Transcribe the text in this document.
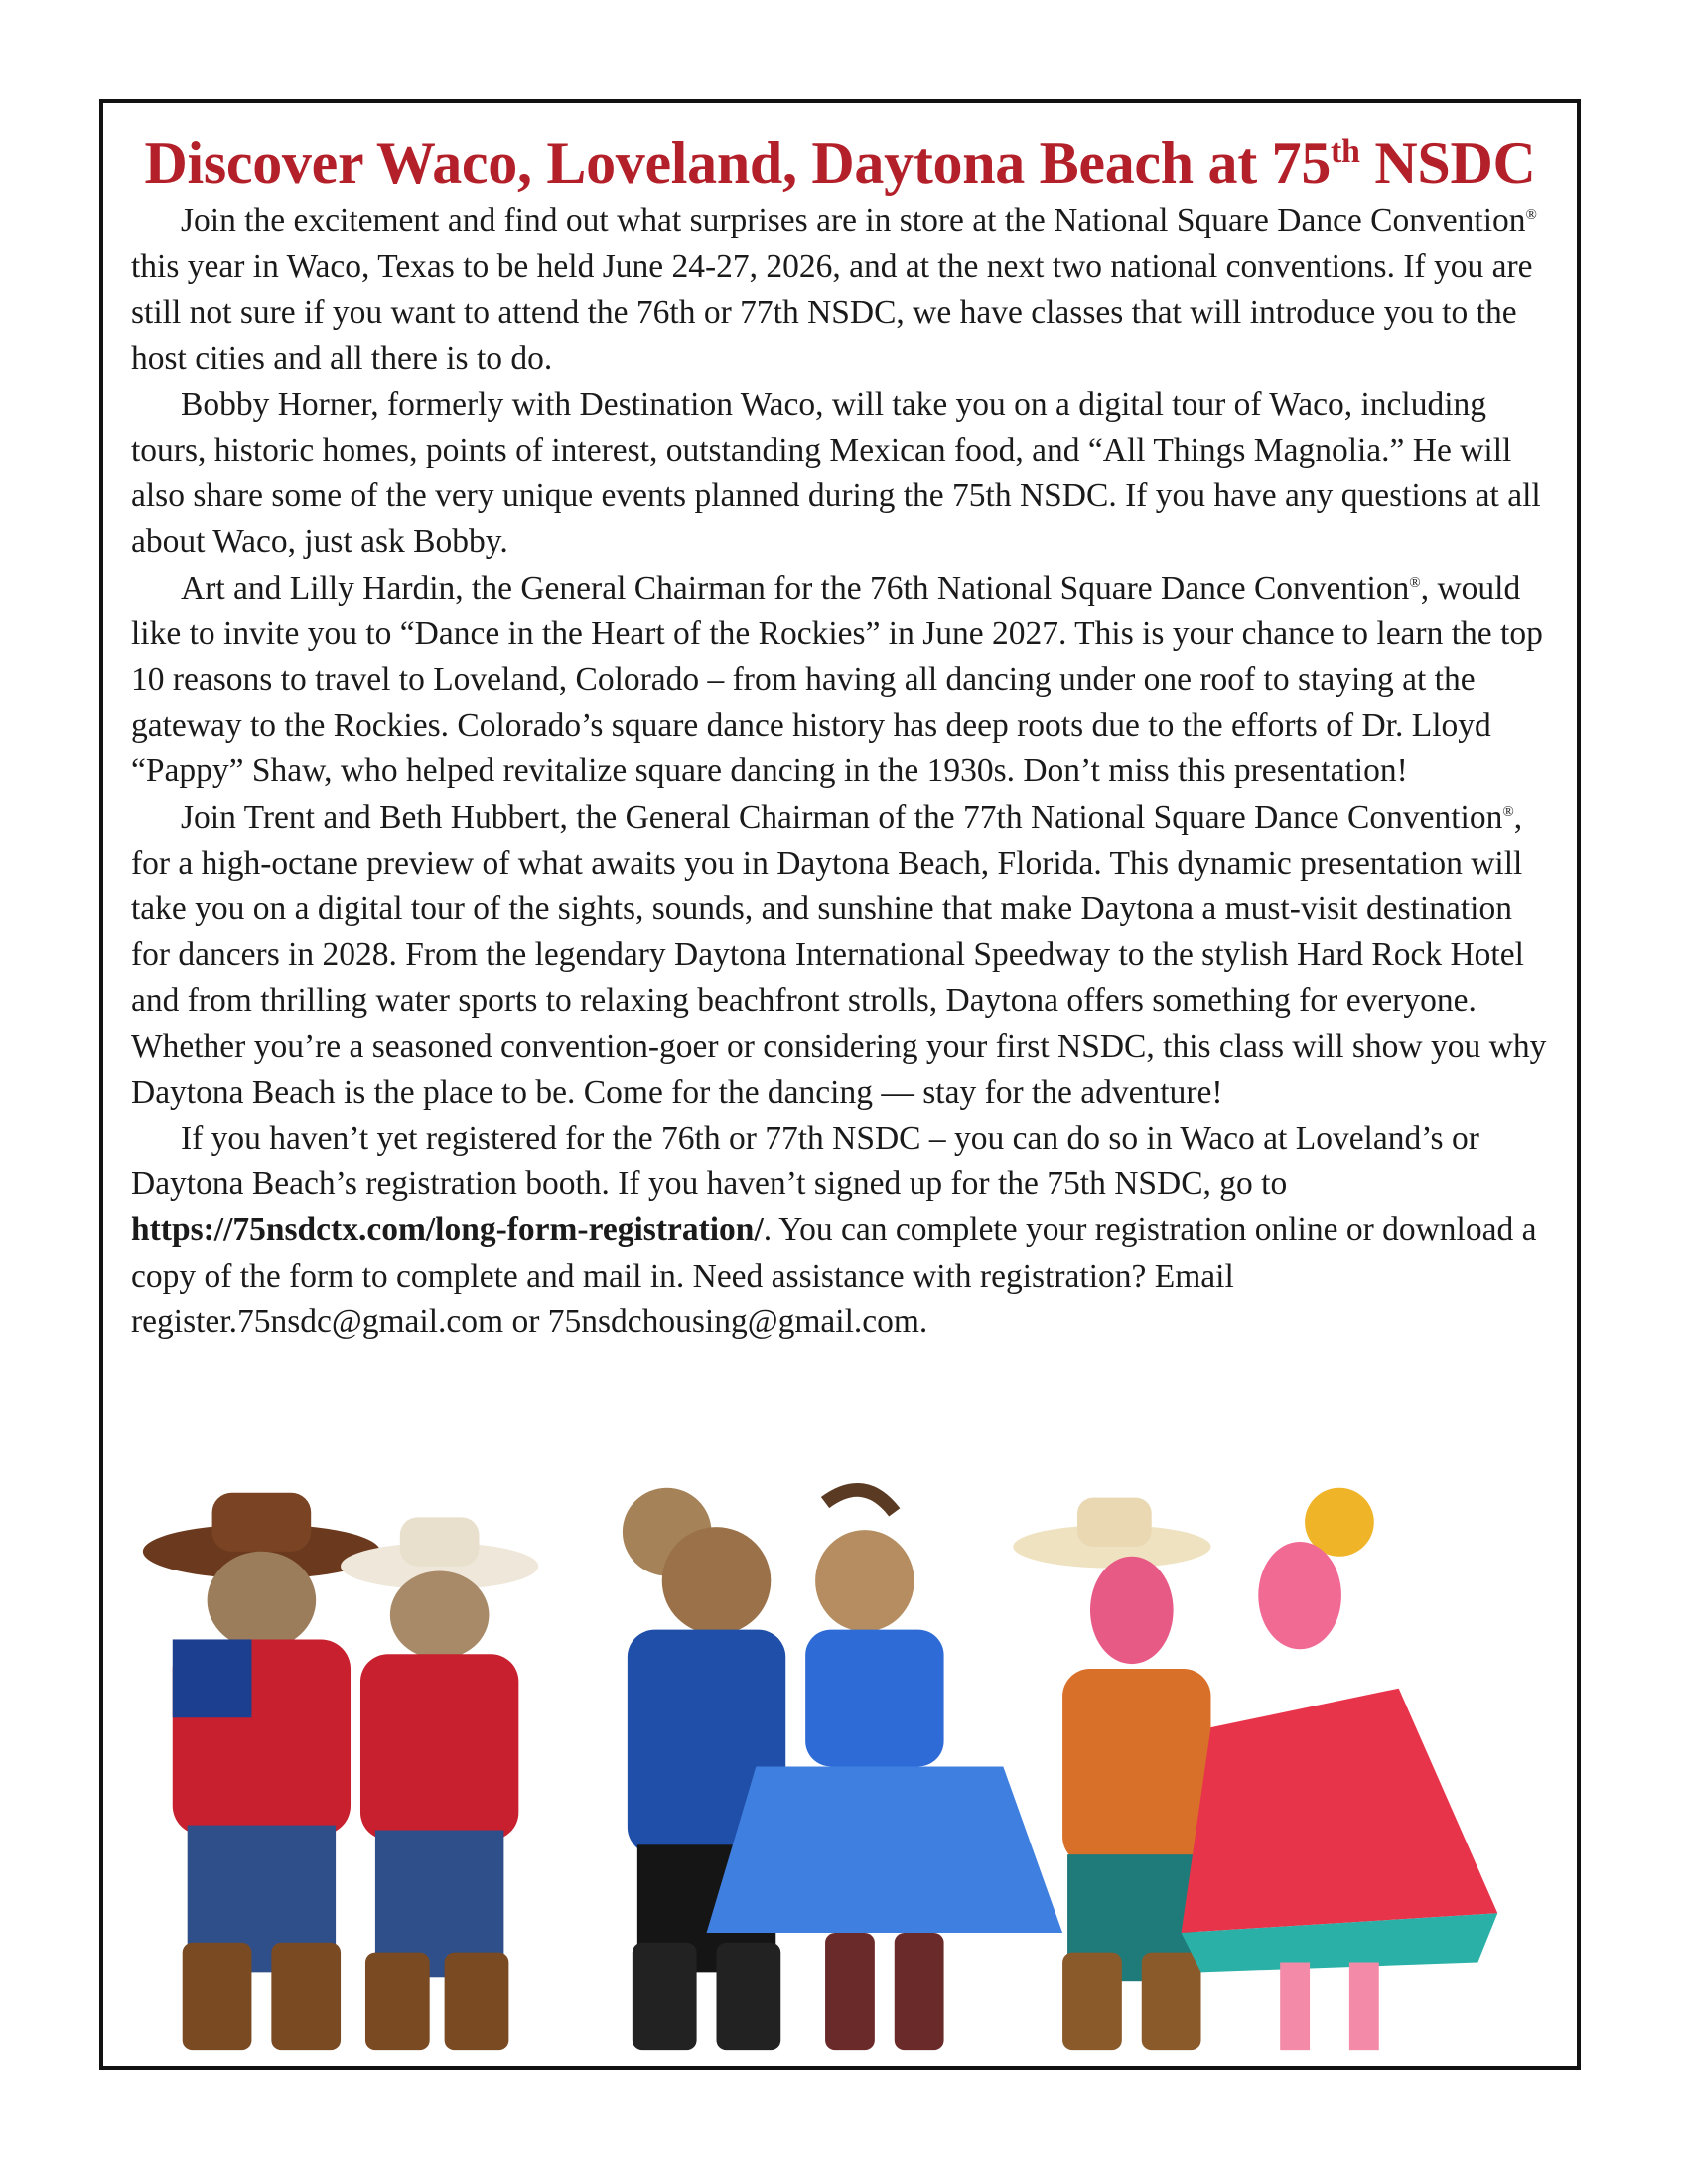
Discover Waco, Loveland, Daytona Beach at 75th NSDC

Join the excitement and find out what surprises are in store at the National Square Dance Convention® this year in Waco, Texas to be held June 24-27, 2026, and at the next two national conventions. If you are still not sure if you want to attend the 76th or 77th NSDC, we have classes that will introduce you to the host cities and all there is to do.

Bobby Horner, formerly with Destination Waco, will take you on a digital tour of Waco, including tours, historic homes, points of interest, outstanding Mexican food, and “All Things Magnolia.” He will also share some of the very unique events planned during the 75th NSDC. If you have any questions at all about Waco, just ask Bobby.

Art and Lilly Hardin, the General Chairman for the 76th National Square Dance Convention®, would like to invite you to “Dance in the Heart of the Rockies” in June 2027. This is your chance to learn the top 10 reasons to travel to Loveland, Colorado – from having all dancing under one roof to staying at the gateway to the Rockies. Colorado’s square dance history has deep roots due to the efforts of Dr. Lloyd “Pappy” Shaw, who helped revitalize square dancing in the 1930s. Don’t miss this presentation!

Join Trent and Beth Hubbert, the General Chairman of the 77th National Square Dance Convention®, for a high-octane preview of what awaits you in Daytona Beach, Florida. This dynamic presentation will take you on a digital tour of the sights, sounds, and sunshine that make Daytona a must-visit destination for dancers in 2028. From the legendary Daytona International Speedway to the stylish Hard Rock Hotel and from thrilling water sports to relaxing beachfront strolls, Daytona offers something for everyone. Whether you’re a seasoned convention-goer or considering your first NSDC, this class will show you why Daytona Beach is the place to be. Come for the dancing — stay for the adventure!

If you haven’t yet registered for the 76th or 77th NSDC – you can do so in Waco at Loveland’s or Daytona Beach’s registration booth. If you haven’t signed up for the 75th NSDC, go to https://75nsdctx.com/long-form-registration/. You can complete your registration online or download a copy of the form to complete and mail in. Need assistance with registration? Email register.75nsdc@gmail.com or 75nsdchousing@gmail.com.
